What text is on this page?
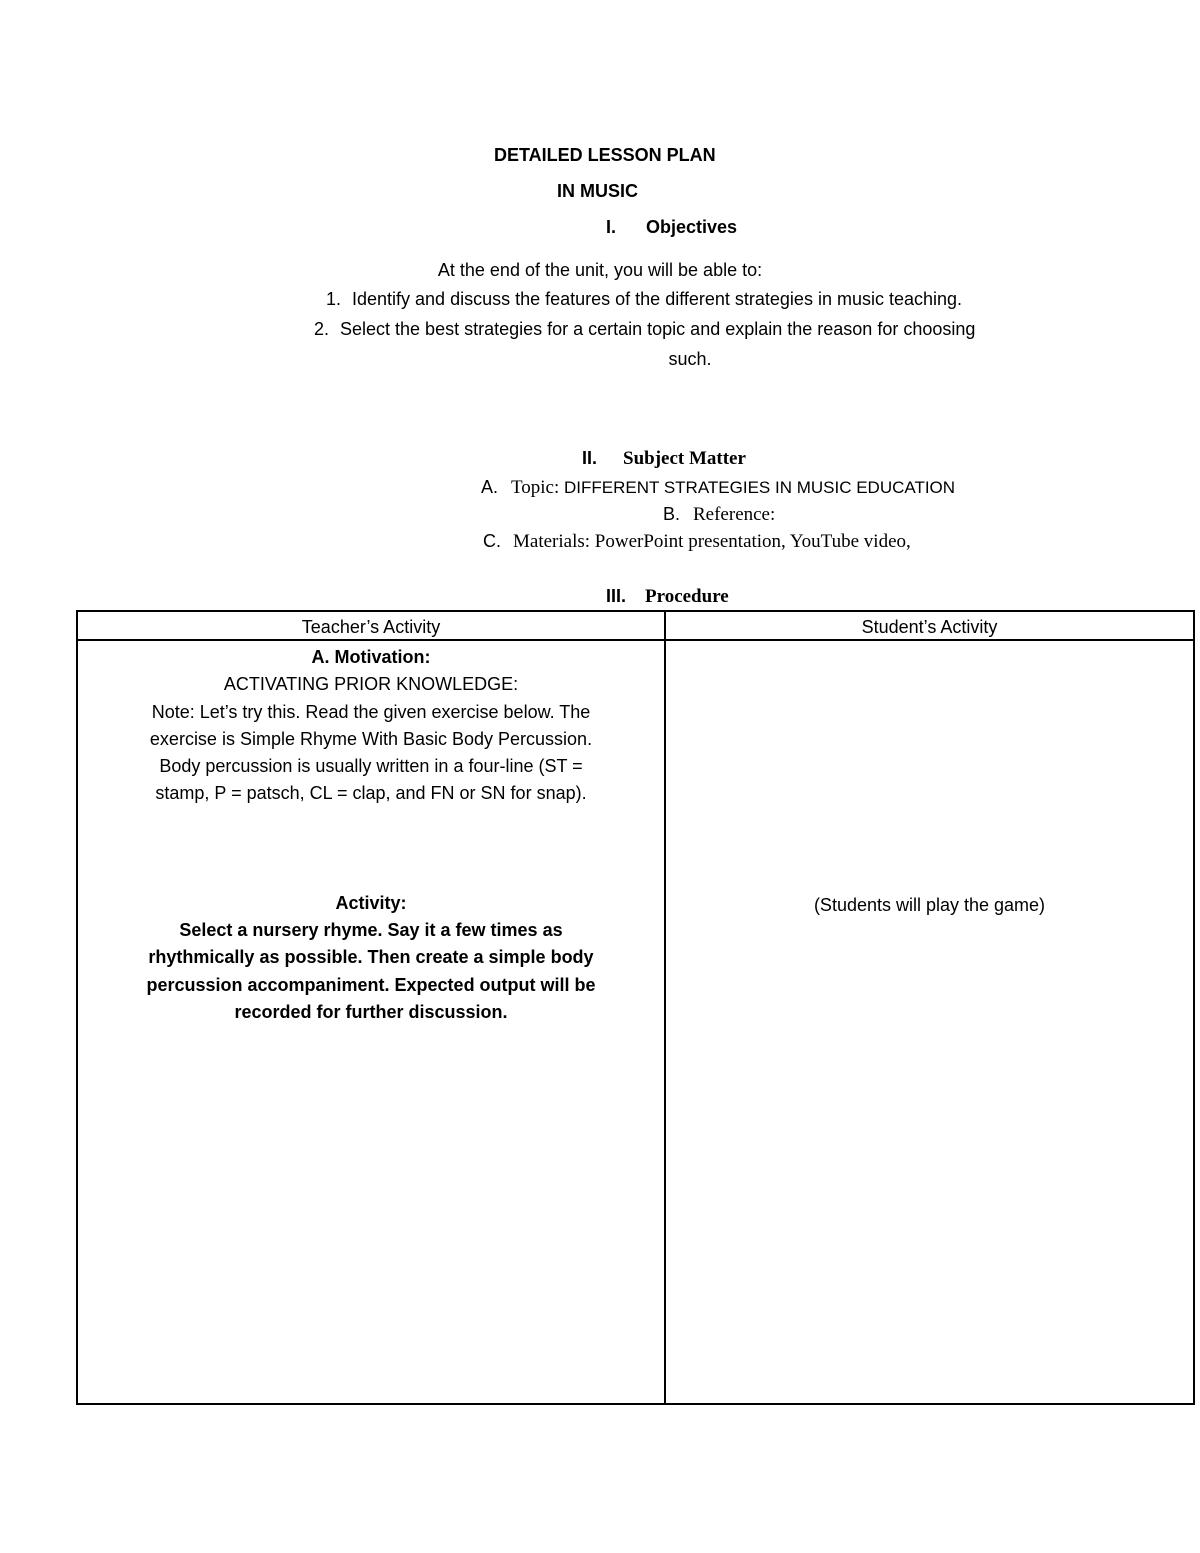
DETAILED LESSON PLAN
IN MUSIC
I.	Objectives
At the end of the unit, you will be able to:
1. Identify and discuss the features of the different strategies in music teaching.
2. Select the best strategies for a certain topic and explain the reason for choosing
such.
II.	Subject Matter
A. Topic: DIFFERENT STRATEGIES IN MUSIC EDUCATION
B. Reference:
C. Materials: PowerPoint presentation, YouTube video,
III. Procedure
Teacher’s Activity	Student’s Activity
A. Motivation:
ACTIVATING PRIOR KNOWLEDGE:
Note: Let’s try this. Read the given exercise below. The
exercise is Simple Rhyme With Basic Body Percussion.
Body percussion is usually written in a four-line (ST =
stamp, P = patsch, CL = clap, and FN or SN for snap).
Activity:
Select a nursery rhyme. Say it a few times as
rhythmically as possible. Then create a simple body
percussion accompaniment. Expected output will be
recorded for further discussion.
(Students will play the game)
